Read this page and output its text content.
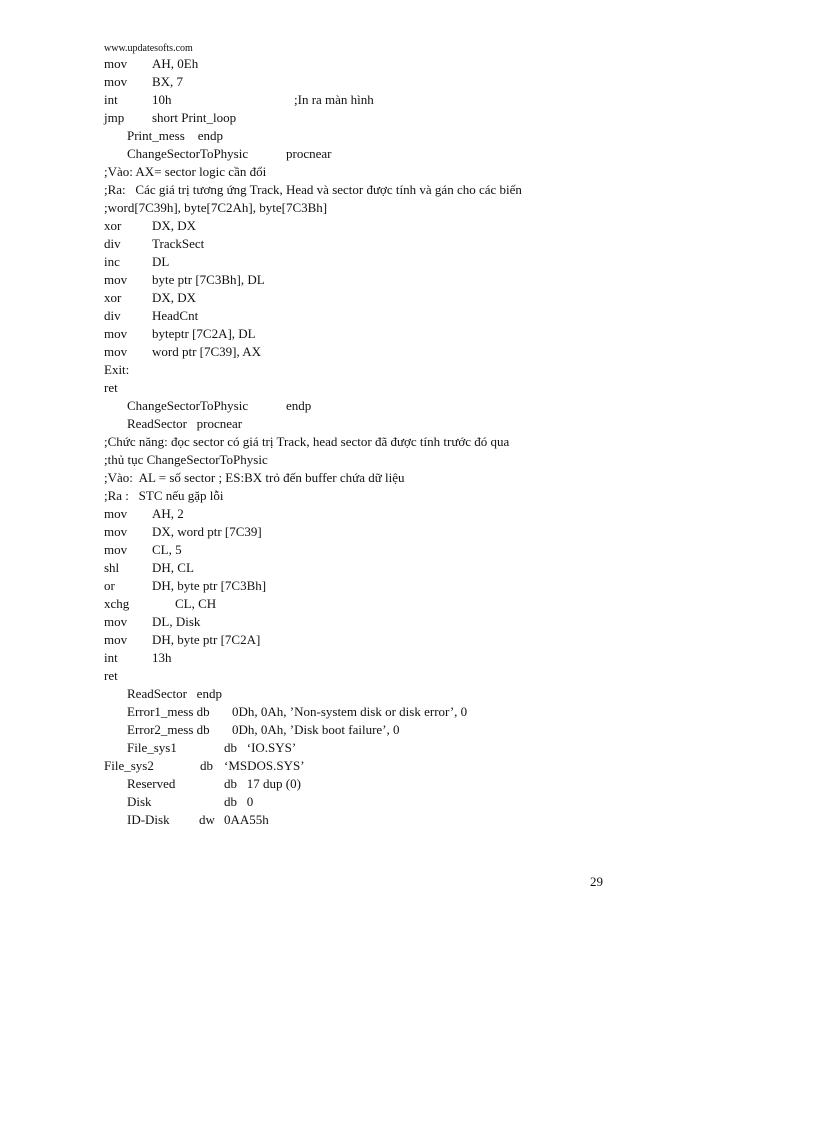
www.updatesofts.com
mov AH, 0Eh
mov BX, 7
int	10h	;In ra màn hình
jmp short Print_loop
Print_mess    endp
ChangeSectorToPhysic	procnear
;Vào: AX= sector logic cần đổi
;Ra:   Các giá trị tương ứng Track, Head và sector được tính và gán cho các biến
;word[7C39h], byte[7C2Ah], byte[7C3Bh]
xor DX, DX
div TrackSect
inc DL
mov byte ptr [7C3Bh], DL
xor DX, DX
div HeadCnt
mov byteptr [7C2A], DL
mov word ptr [7C39], AX
Exit:
ret
ChangeSectorToPhysic	endp
ReadSector   procnear
;Chức năng: đọc sector có giá trị Track, head sector đã được tính trước đó qua
;thủ tục ChangeSectorToPhysic
;Vào:  AL = số sector ; ES:BX trỏ đến buffer chứa dữ liệu
;Ra :   STC nếu gặp lỗi
mov AH, 2
mov DX, word ptr [7C39]
mov CL, 5
shl	DH, CL
or	DH, byte ptr [7C3Bh]
xchg	CL, CH
mov DL, Disk
mov DH, byte ptr [7C2A]
int	13h
ret
ReadSector   endp
Error1_mess db 0Dh, 0Ah, ’Non-system disk or disk error’, 0
Error2_mess db 0Dh, 0Ah, ’Disk boot failure’, 0
File_sys1	db   ‘IO.SYS’
File_sys2	db ‘MSDOS.SYS’
Reserved	db   17 dup (0)
Disk	db   0
ID-Disk dw 0AA55h
29
